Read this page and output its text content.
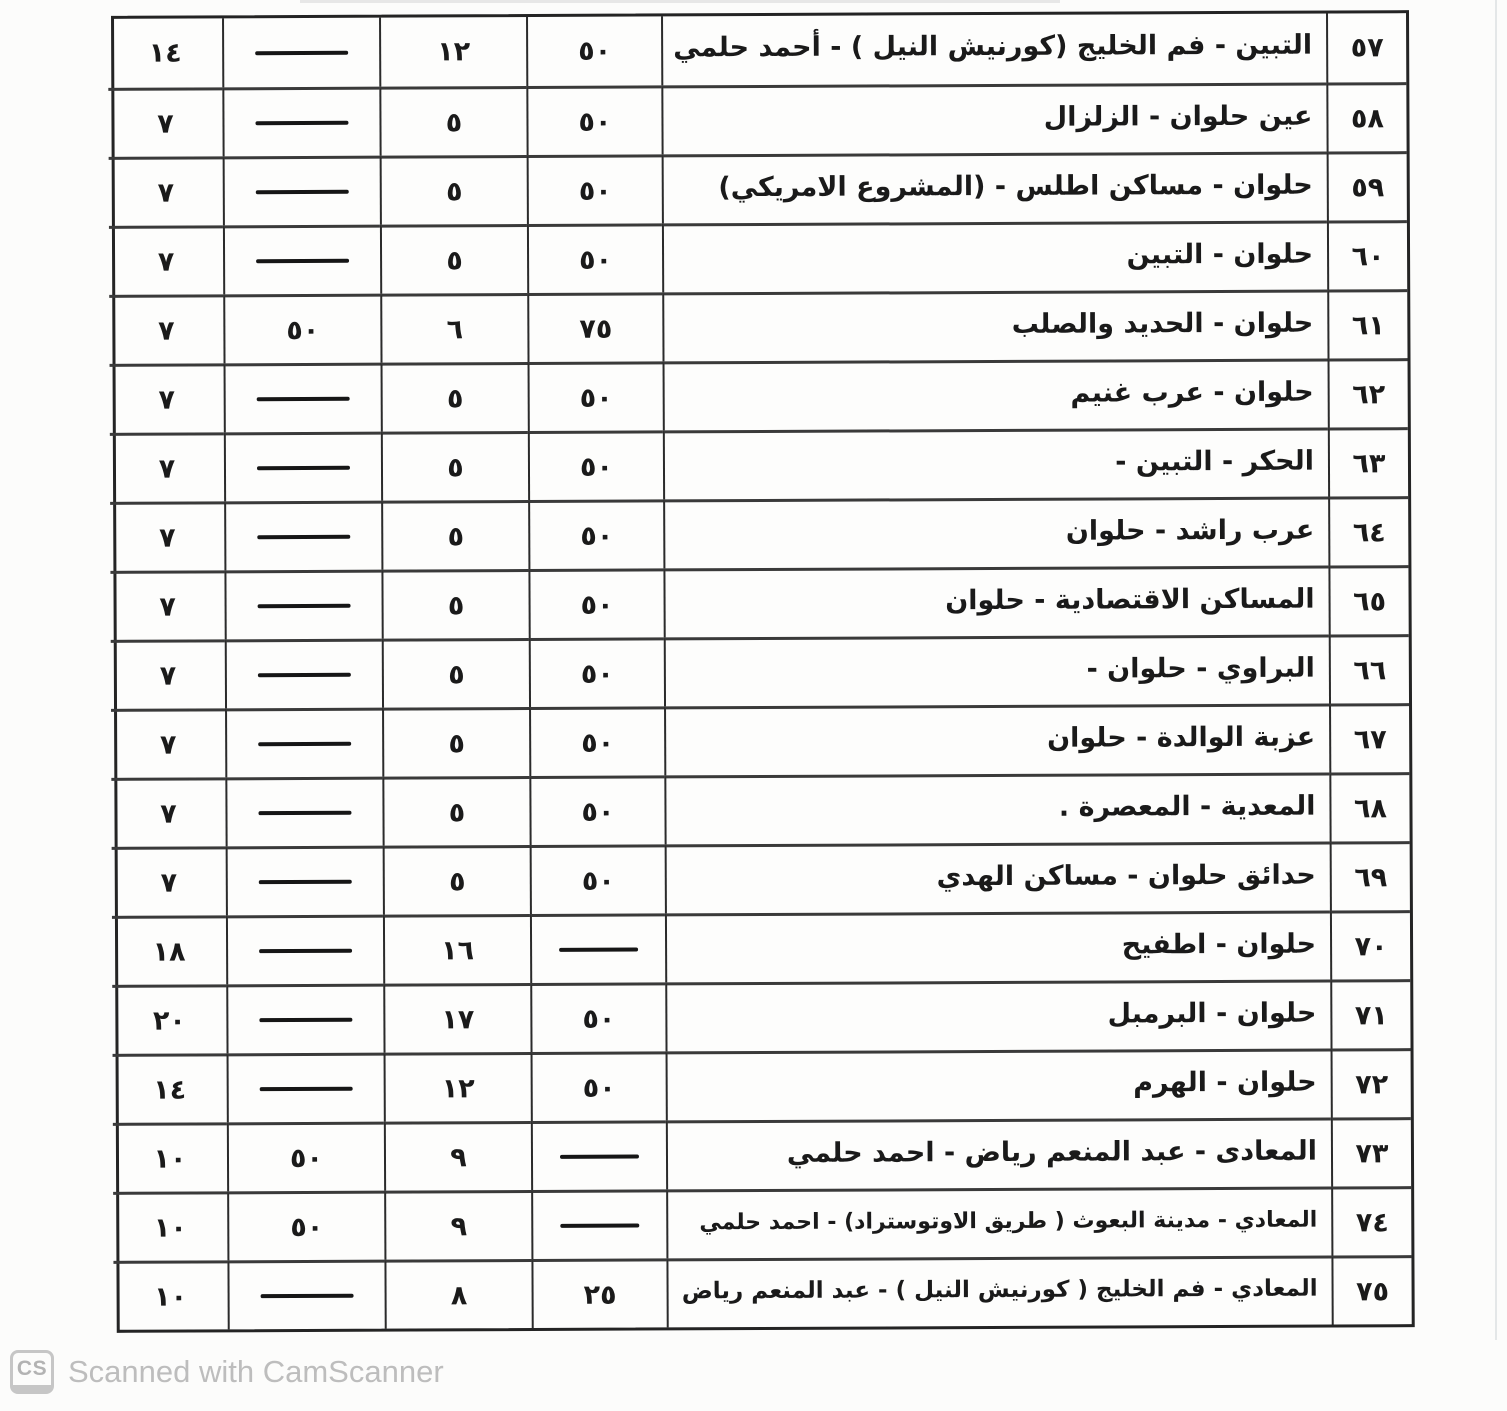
٥٧
التبين - فم الخليج (كورنيش النيل ) - أحمد حلمي
٥٠
١٢
١٤
٥٨
عين حلوان - الزلزال
٥٠
٥
٧
٥٩
حلوان - مساكن اطلس - (المشروع الامريكي)
٥٠
٥
٧
٦٠
حلوان - التبين
٥٠
٥
٧
٦١
حلوان - الحديد والصلب
٧٥
٦
٥٠
٧
٦٢
حلوان - عرب غنيم
٥٠
٥
٧
٦٣
الحكر - التبين -
٥٠
٥
٧
٦٤
عرب راشد - حلوان
٥٠
٥
٧
٦٥
المساكن الاقتصادية - حلوان
٥٠
٥
٧
٦٦
البراوي - حلوان -
٥٠
٥
٧
٦٧
عزبة الوالدة - حلوان
٥٠
٥
٧
٦٨
المعدية - المعصرة .
٥٠
٥
٧
٦٩
حدائق حلوان - مساكن الهدي
٥٠
٥
٧
٧٠
حلوان - اطفيح
١٦
١٨
٧١
حلوان - البرمبل
٥٠
١٧
٢٠
٧٢
حلوان - الهرم
٥٠
١٢
١٤
٧٣
المعادى - عبد المنعم رياض - احمد حلمي
٩
٥٠
١٠
٧٤
المعادي - مدينة البعوث ( طريق الاوتوستراد) - احمد حلمي
٩
٥٠
١٠
٧٥
المعادي - فم الخليج ( كورنيش النيل ) - عبد المنعم رياض
٢٥
٨
١٠
CS Scanned with CamScanner
